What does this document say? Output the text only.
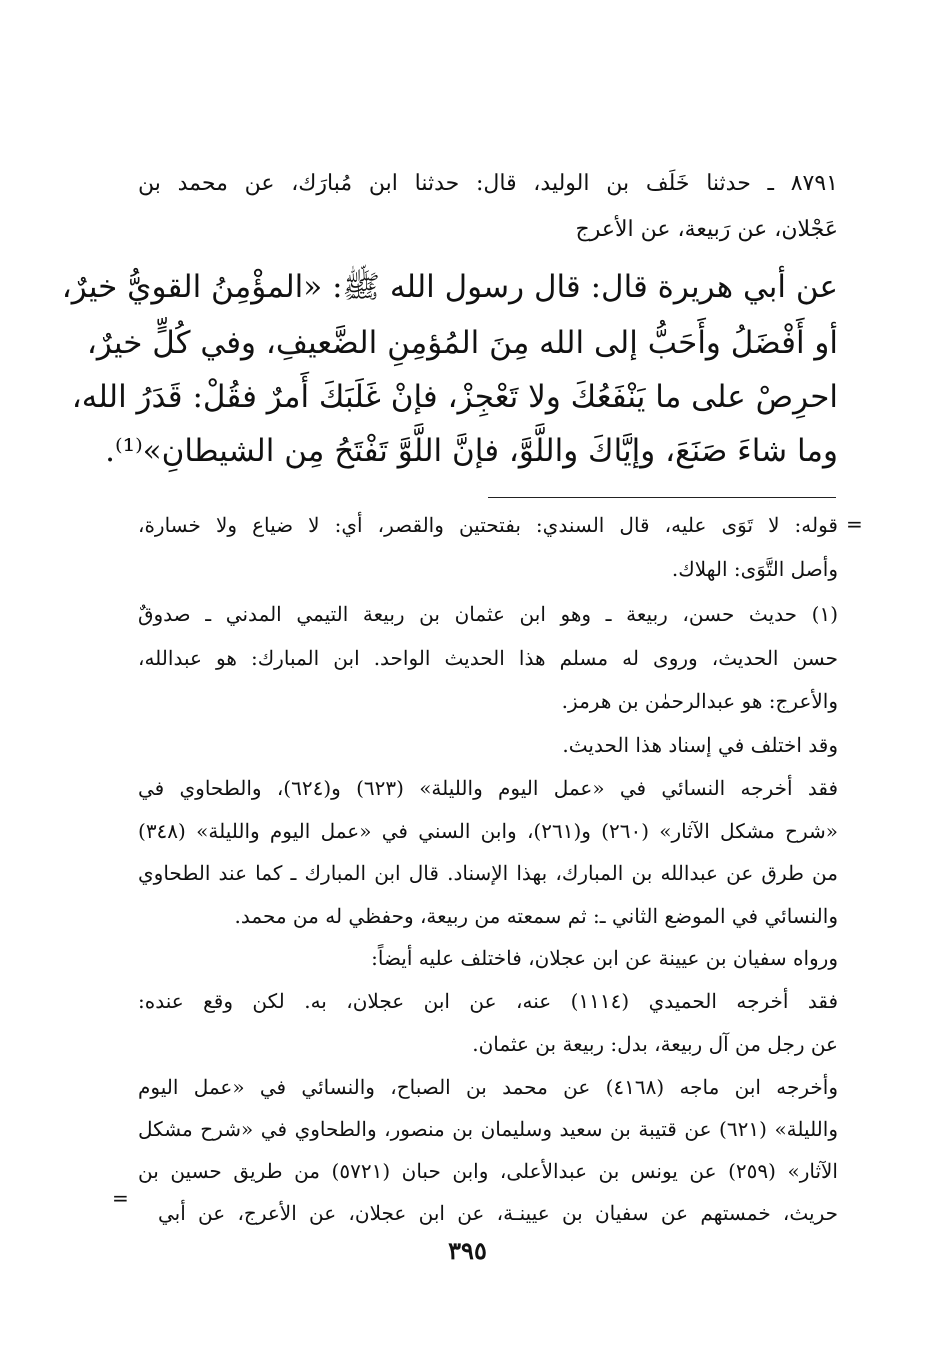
٨٧٩١ ـ حدثنا خَلَف بن الوليد، قال: حدثنا ابن مُبارَك، عن محمد بن
عَجْلان، عن رَبيعة، عن الأعرج
عن أبي هريرة قال: قال رسول الله ﷺ: «المؤْمِنُ القويُّ خيرٌ،
أو أَفْضَلُ وأَحَبُّ إلى الله مِنَ المُؤمِنِ الضَّعيفِ، وفي كُلٍّ خيرٌ،
احرِصْ على ما يَنْفَعُكَ ولا تَعْجِزْ، فإنْ غَلَبَكَ أَمرٌ فقُلْ: قَدَرُ الله،
وما شاءَ صَنَعَ، وإيَّاكَ واللَّوَّ، فإنَّ اللَّوَّ تَفْتَحُ مِن الشيطانِ»⁽¹⁾.
=
=
قوله: لا تَوَى عليه، قال السندي: بفتحتين والقصر، أي: لا ضياع ولا خسارة،
وأصل التَّوَى: الهلاك.
(١) حديث حسن، ربيعة ـ وهو ابن عثمان بن ربيعة التيمي المدني ـ صدوقٌ
حسن الحديث، وروى له مسلم هذا الحديث الواحد. ابن المبارك: هو عبدالله،
والأعرج: هو عبدالرحمٰن بن هرمز.
وقد اختلف في إسناد هذا الحديث.
فقد أخرجه النسائي في «عمل اليوم والليلة» (٦٢٣) و(٦٢٤)، والطحاوي في
«شرح مشكل الآثار» (٢٦٠) و(٢٦١)، وابن السني في «عمل اليوم والليلة» (٣٤٨)
من طرق عن عبدالله بن المبارك، بهذا الإسناد. قال ابن المبارك ـ كما عند الطحاوي
والنسائي في الموضع الثاني ـ: ثم سمعته من ربيعة، وحفظي له من محمد.
ورواه سفيان بن عيينة عن ابن عجلان، فاختلف عليه أيضاً:
فقد أخرجه الحميدي (١١١٤) عنه، عن ابن عجلان، به. لكن وقع عنده:
عن رجل من آل ربيعة، بدل: ربيعة بن عثمان.
وأخرجه ابن ماجه (٤١٦٨) عن محمد بن الصباح، والنسائي في «عمل اليوم
والليلة» (٦٢١) عن قتيبة بن سعيد وسليمان بن منصور، والطحاوي في «شرح مشكل
الآثار» (٢٥٩) عن يونس بن عبدالأعلى، وابن حبان (٥٧٢١) من طريق حسين بن
حريث، خمستهم عن سفيان بن عيينـة، عن ابن عجلان، عن الأعرج، عن أبي
٣٩٥
